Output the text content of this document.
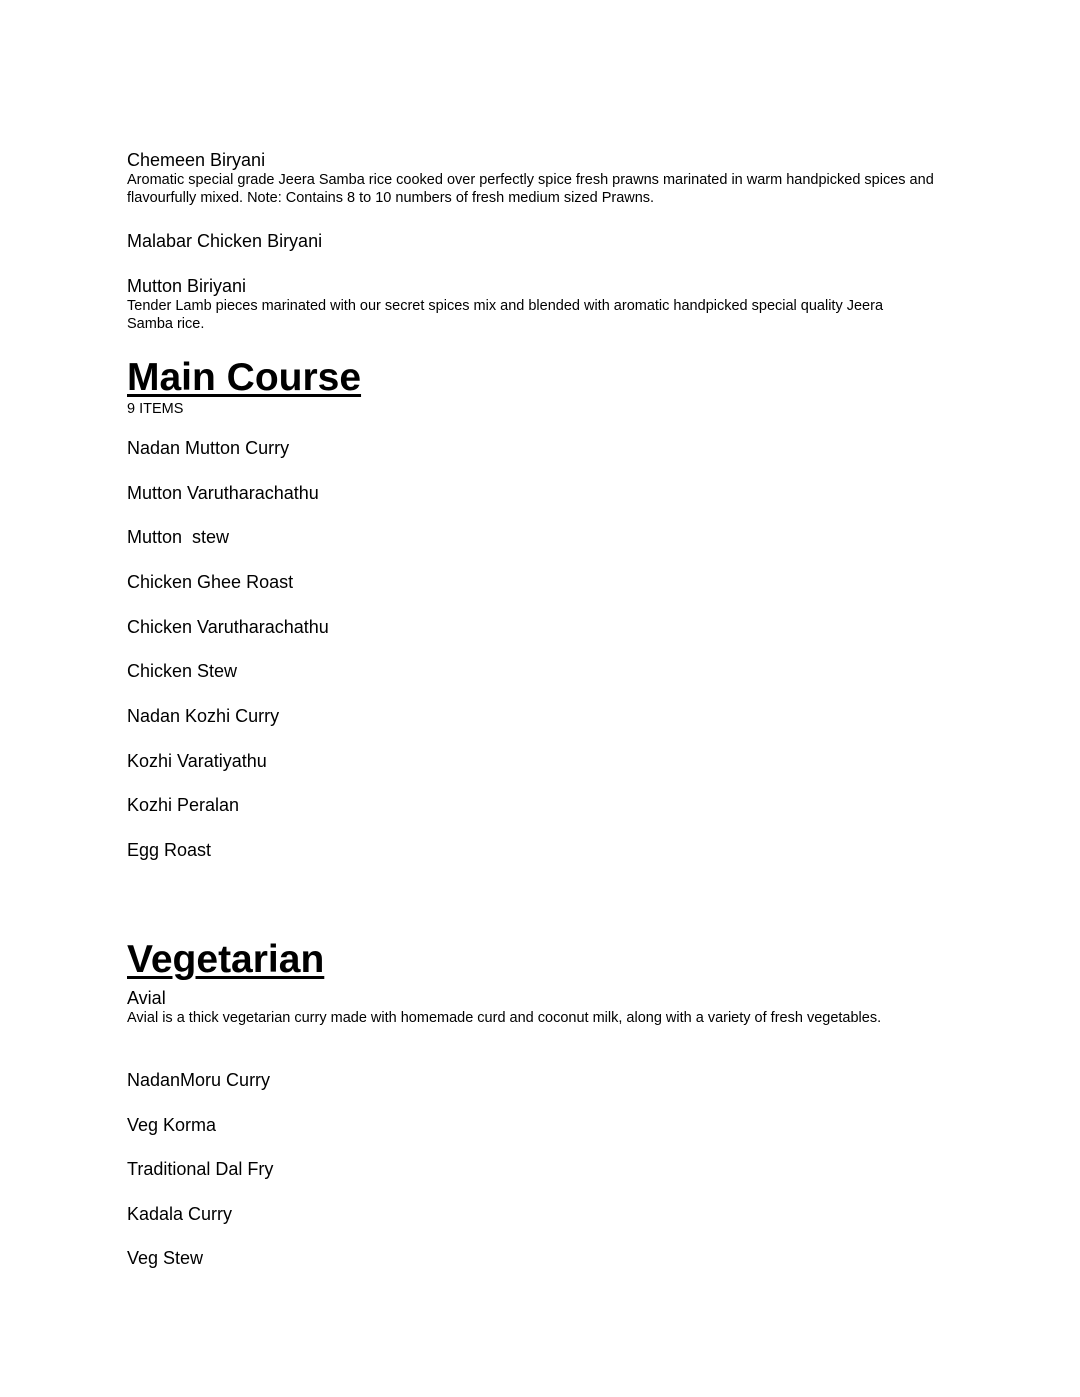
Chemeen Biryani

Aromatic special grade Jeera Samba rice cooked over perfectly spice fresh prawns marinated in warm handpicked spices and flavourfully mixed. Note: Contains 8 to 10 numbers of fresh medium sized Prawns.

Malabar Chicken Biryani

Mutton Biriyani

Tender Lamb pieces marinated with our secret spices mix and blended with aromatic handpicked special quality Jeera Samba rice.

Main Course

9 ITEMS

Nadan Mutton Curry

Mutton Varutharachathu

Mutton  stew

Chicken Ghee Roast

Chicken Varutharachathu

Chicken Stew

Nadan Kozhi Curry

Kozhi Varatiyathu

Kozhi Peralan

Egg Roast

Vegetarian

Avial

Avial is a thick vegetarian curry made with homemade curd and coconut milk, along with a variety of fresh vegetables.

NadanMoru Curry

Veg Korma

Traditional Dal Fry

Kadala Curry

Veg Stew
